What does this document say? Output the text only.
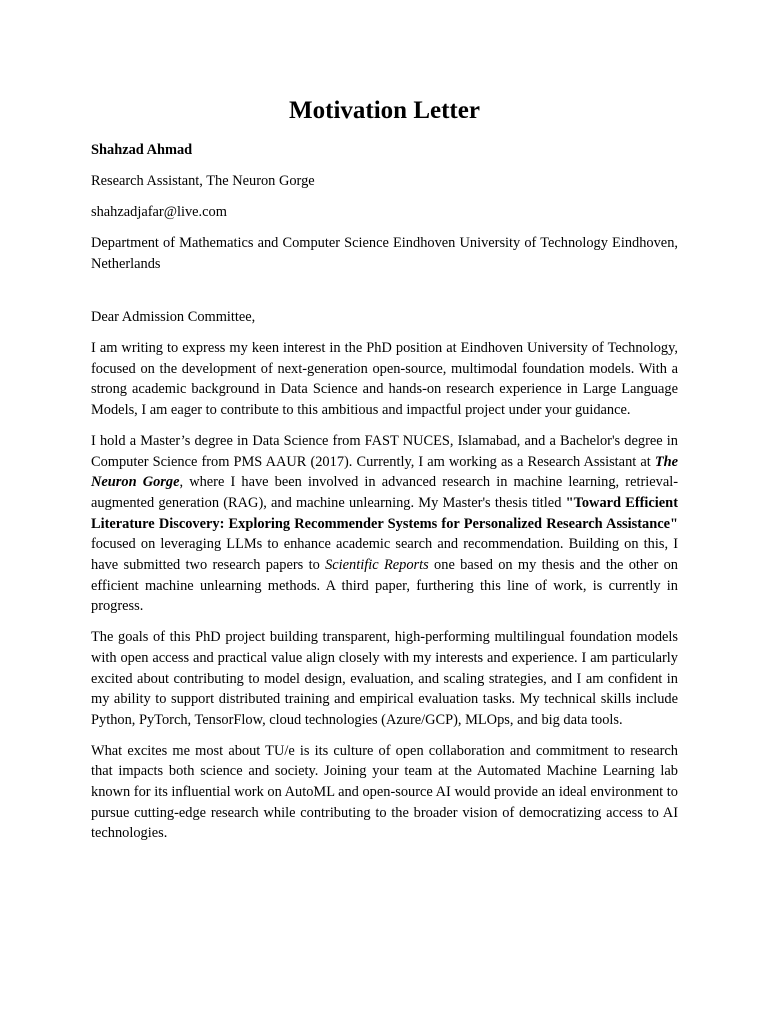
Motivation Letter
Shahzad Ahmad
Research Assistant, The Neuron Gorge
shahzadjafar@live.com
Department of Mathematics and Computer Science Eindhoven University of Technology Eindhoven, Netherlands
Dear Admission Committee,

I am writing to express my keen interest in the PhD position at Eindhoven University of Technology, focused on the development of next-generation open-source, multimodal foundation models. With a strong academic background in Data Science and hands-on research experience in Large Language Models, I am eager to contribute to this ambitious and impactful project under your guidance.

I hold a Master’s degree in Data Science from FAST NUCES, Islamabad, and a Bachelor's degree in Computer Science from PMS AAUR (2017). Currently, I am working as a Research Assistant at The Neuron Gorge, where I have been involved in advanced research in machine learning, retrieval-augmented generation (RAG), and machine unlearning. My Master's thesis titled "Toward Efficient Literature Discovery: Exploring Recommender Systems for Personalized Research Assistance" focused on leveraging LLMs to enhance academic search and recommendation. Building on this, I have submitted two research papers to Scientific Reports one based on my thesis and the other on efficient machine unlearning methods. A third paper, furthering this line of work, is currently in progress.

The goals of this PhD project building transparent, high-performing multilingual foundation models with open access and practical value align closely with my interests and experience. I am particularly excited about contributing to model design, evaluation, and scaling strategies, and I am confident in my ability to support distributed training and empirical evaluation tasks. My technical skills include Python, PyTorch, TensorFlow, cloud technologies (Azure/GCP), MLOps, and big data tools.

What excites me most about TU/e is its culture of open collaboration and commitment to research that impacts both science and society. Joining your team at the Automated Machine Learning lab known for its influential work on AutoML and open-source AI would provide an ideal environment to pursue cutting-edge research while contributing to the broader vision of democratizing access to AI technologies.
